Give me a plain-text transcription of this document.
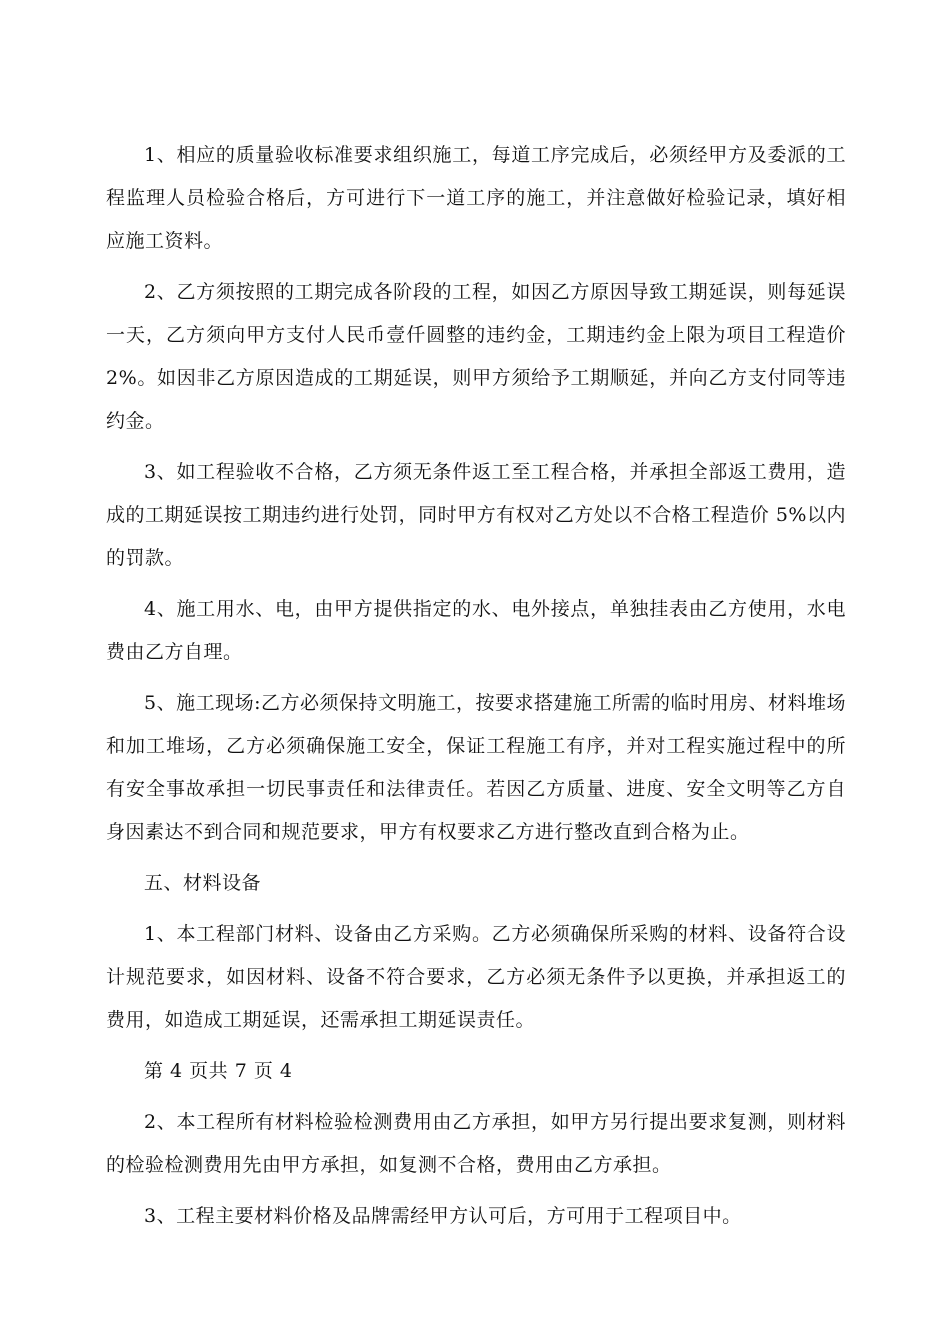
1、相应的质量验收标准要求组织施工，每道工序完成后，必须经甲方及委派的工程监理人员检验合格后，方可进行下一道工序的施工，并注意做好检验记录，填好相应施工资料。

2、乙方须按照的工期完成各阶段的工程，如因乙方原因导致工期延误，则每延误一天，乙方须向甲方支付人民币壹仟圆整的违约金，工期违约金上限为项目工程造价 2%。如因非乙方原因造成的工期延误，则甲方须给予工期顺延，并向乙方支付同等违约金。

3、如工程验收不合格，乙方须无条件返工至工程合格，并承担全部返工费用，造成的工期延误按工期违约进行处罚，同时甲方有权对乙方处以不合格工程造价 5%以内的罚款。

4、施工用水、电，由甲方提供指定的水、电外接点，单独挂表由乙方使用，水电费由乙方自理。

5、施工现场:乙方必须保持文明施工，按要求搭建施工所需的临时用房、材料堆场和加工堆场，乙方必须确保施工安全，保证工程施工有序，并对工程实施过程中的所有安全事故承担一切民事责任和法律责任。若因乙方质量、进度、安全文明等乙方自身因素达不到合同和规范要求，甲方有权要求乙方进行整改直到合格为止。

五、材料设备

1、本工程部门材料、设备由乙方采购。乙方必须确保所采购的材料、设备符合设计规范要求，如因材料、设备不符合要求，乙方必须无条件予以更换，并承担返工的费用，如造成工期延误，还需承担工期延误责任。

第 4 页共 7 页 4

2、本工程所有材料检验检测费用由乙方承担，如甲方另行提出要求复测，则材料的检验检测费用先由甲方承担，如复测不合格，费用由乙方承担。

3、工程主要材料价格及品牌需经甲方认可后，方可用于工程项目中。
